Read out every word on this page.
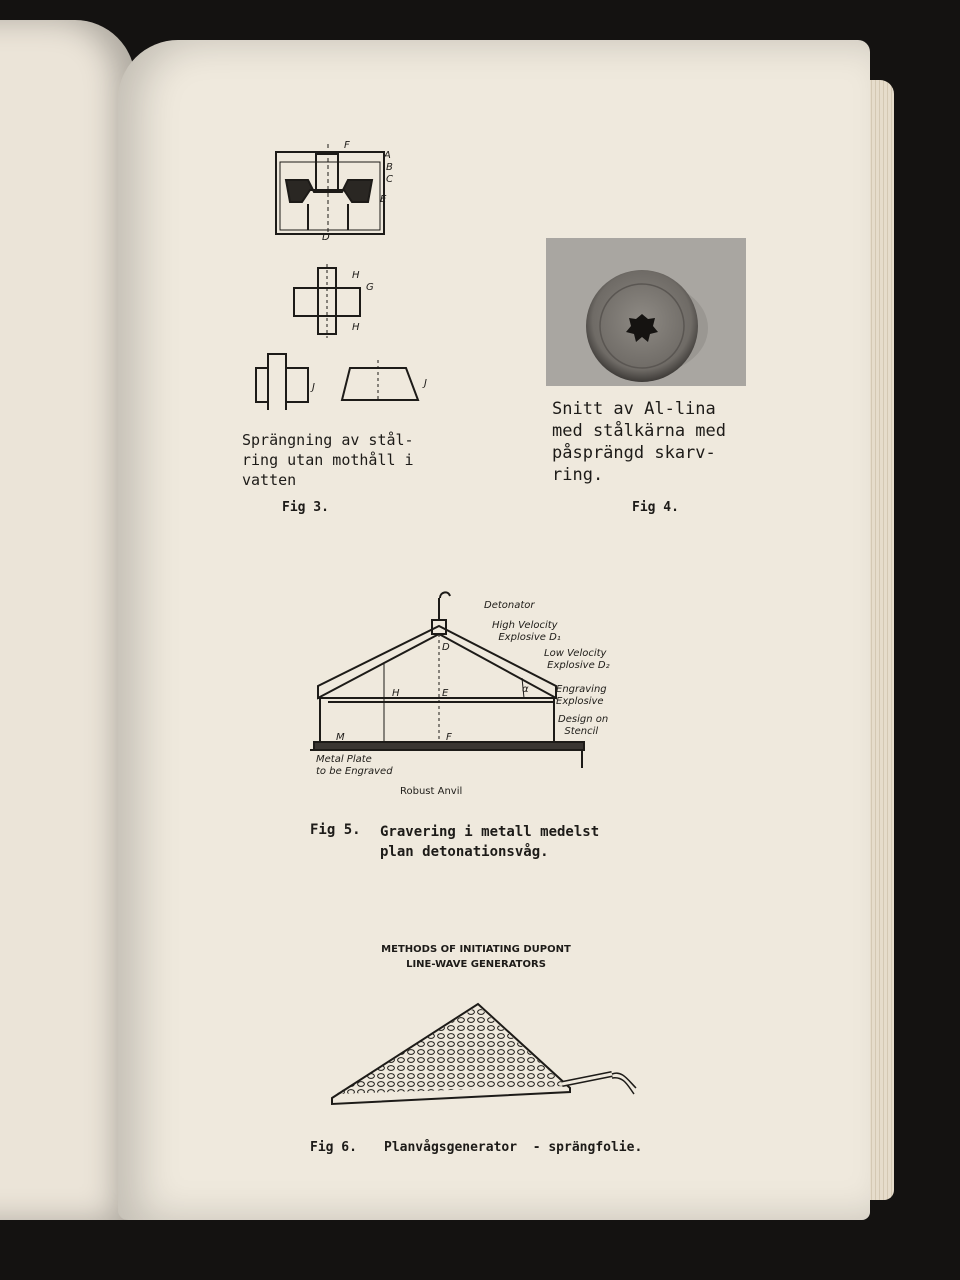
F
A
B
C
E
D
H
G
H
J	J
Sprängning av stål-
ring utan mothåll i
vatten
Fig 3.
Snitt av Al-lina
med stålkärna med
påsprängd skarv-
ring.
Fig 4.
D
H	E
M	F
α
Detonator
High Velocity
Explosive D₁
Low Velocity
Explosive D₂
Engraving
Explosive
Design on
Stencil
Metal Plate
to be Engraved
Robust Anvil
Fig 5. Gravering i metall medelst
plan detonationsvåg.
METHODS OF INITIATING DUPONT LINE-WAVE GENERATORS
Fig 6. Planvågsgenerator  - sprängfolie.
